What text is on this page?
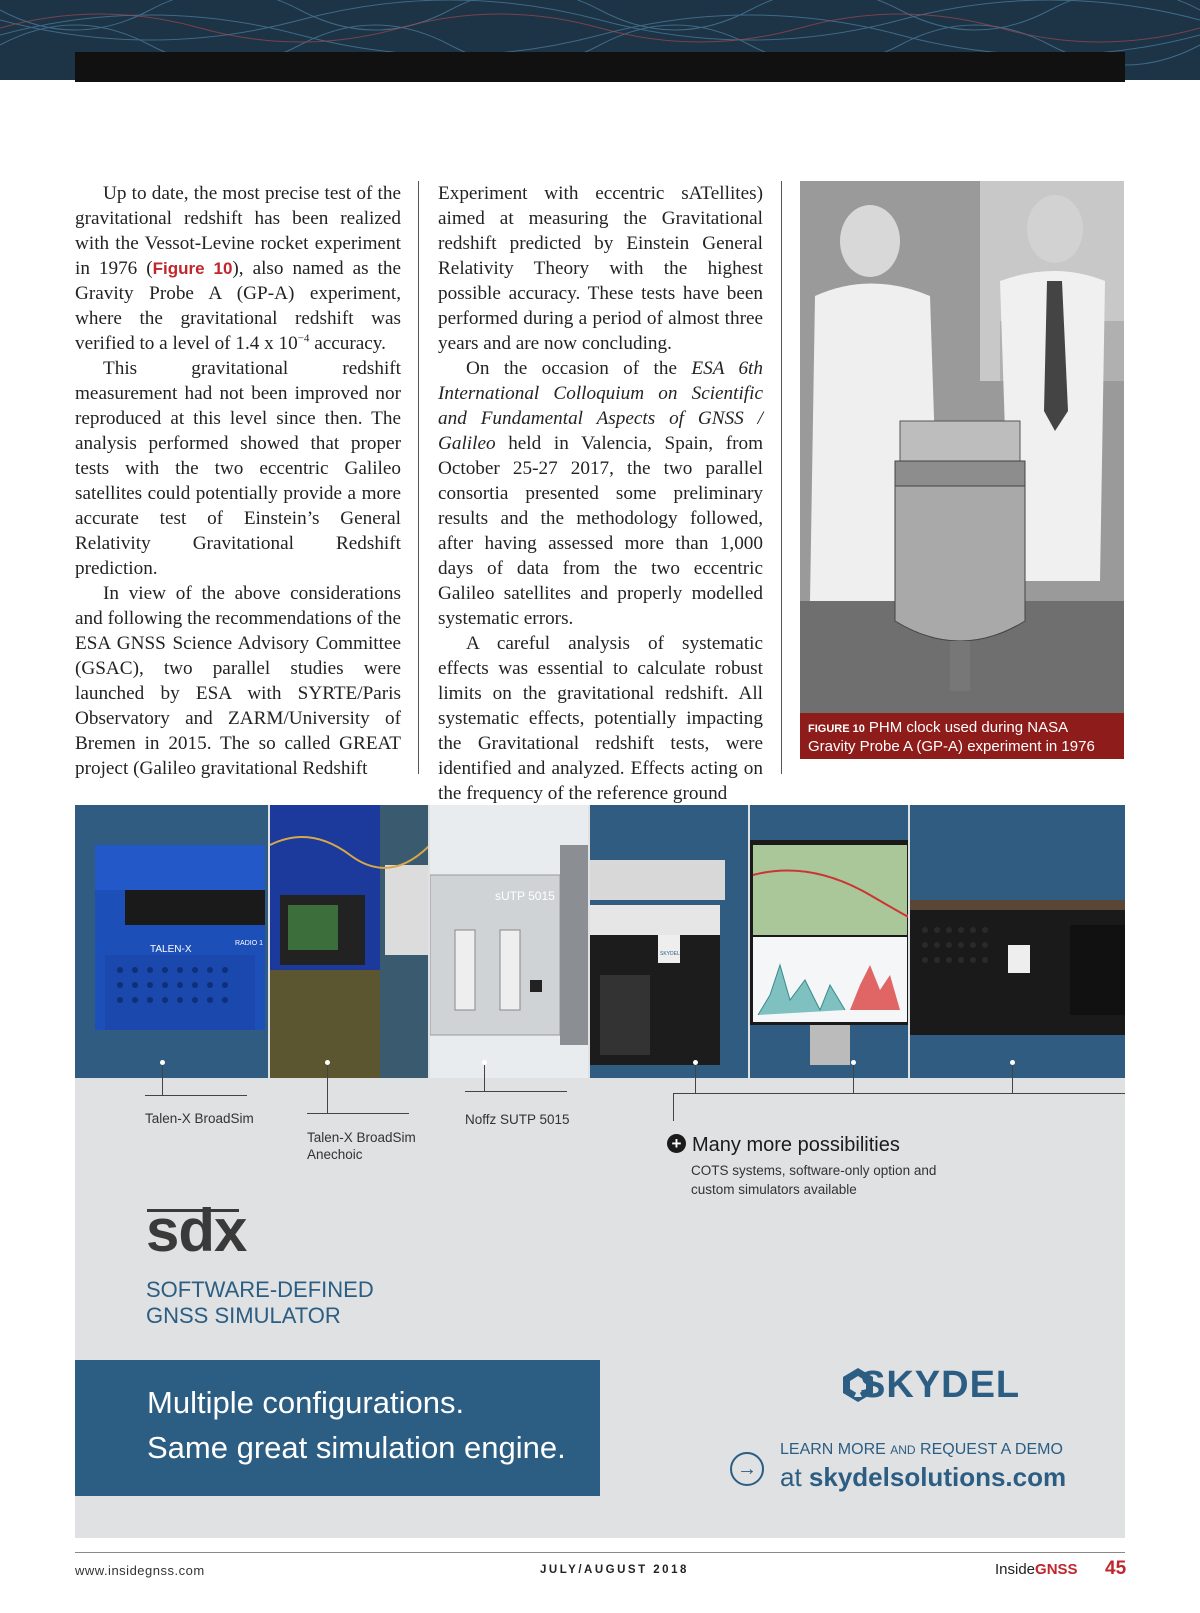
Up to date, the most precise test of the gravitational redshift has been realized with the Vessot-Levine rocket experiment in 1976 (Figure 10), also named as the Gravity Probe A (GP-A) experiment, where the gravitational redshift was verified to a level of 1.4 x $10^{-4}$ accuracy.

This gravitational redshift measurement had not been improved nor reproduced at this level since then. The analysis performed showed that proper tests with the two eccentric Galileo satellites could potentially provide a more accurate test of Einstein’s General Relativity Gravitational Redshift prediction.

In view of the above considerations and following the recommendations of the ESA GNSS Science Advisory Committee (GSAC), two parallel studies were launched by ESA with SYRTE/Paris Observatory and ZARM/University of Bremen in 2015. The so called GREAT project (Galileo gravitational Redshift

Experiment with eccentric sATellites) aimed at measuring the Gravitational redshift predicted by Einstein General Relativity Theory with the highest possible accuracy. These tests have been performed during a period of almost three years and are now concluding.

On the occasion of the ESA 6th International Colloquium on Scientific and Fundamental Aspects of GNSS / Galileo held in Valencia, Spain, from October 25-27 2017, the two parallel consortia presented some preliminary results and the methodology followed, after having assessed more than 1,000 days of data from the two eccentric Galileo satellites and properly modelled systematic errors.

A careful analysis of systematic effects was essential to calculate robust limits on the gravitational redshift. All systematic effects, potentially impacting the Gravitational redshift tests, were identified and analyzed. Effects acting on the frequency of the reference ground

FIGURE 10 PHM clock used during NASA Gravity Probe A (GP-A) experiment in 1976
TALEN-X
RADIO 1
sUTP 5015
SKYDEL
Talen-X BroadSim
Talen-X BroadSim Anechoic
Noffz SUTP 5015
+ Many more possibilities
COTS systems, software-only option and custom simulators available
sdx
SOFTWARE-DEFINED
GNSS SIMULATOR
Multiple configurations.
Same great simulation engine.
SKYDEL
→
LEARN MORE AND REQUEST A DEMO
at skydelsolutions.com
www.insidegnss.com	JULY/AUGUST 2018	InsideGNSS 45
